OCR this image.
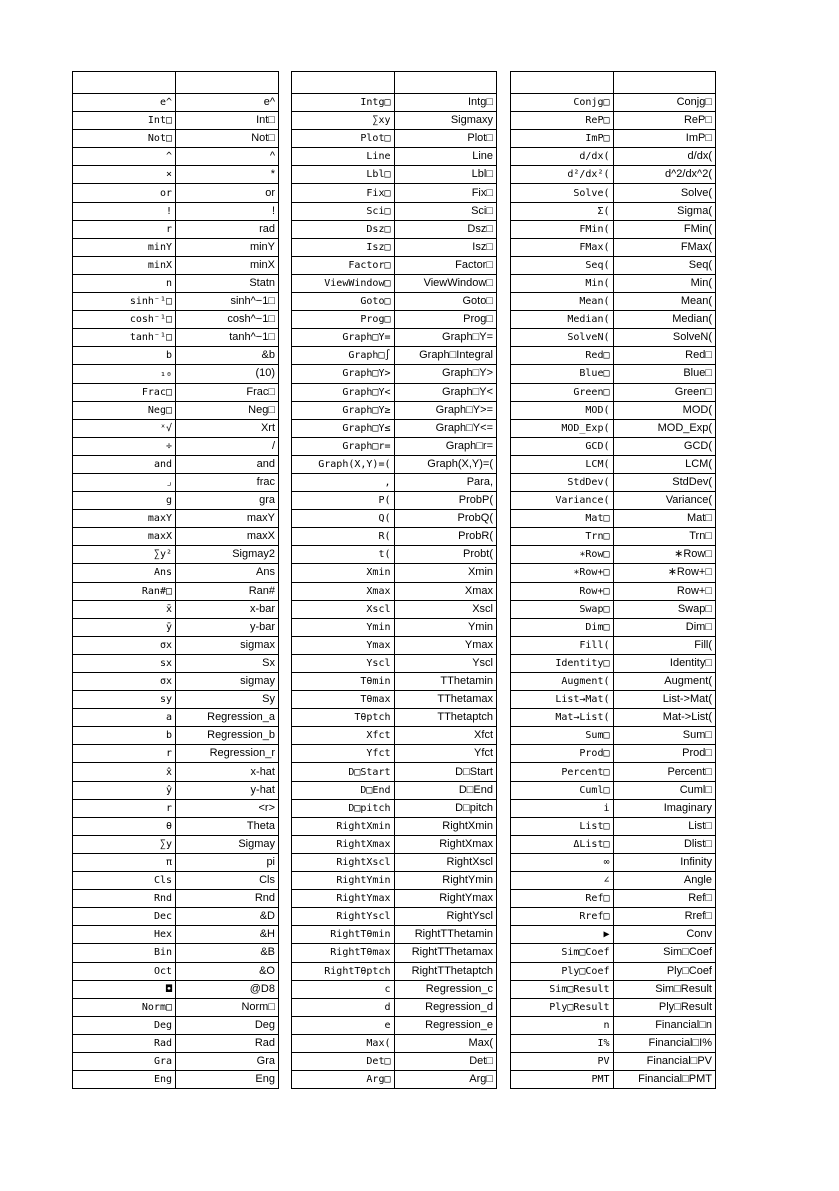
e^	e^
Int□	Int□
Not□	Not□
^	^
×	*
or	or
!	!
r	rad
minY	minY
minX	minX
n	Statn
sinh⁻¹□	sinh^−1□
cosh⁻¹□	cosh^−1□
tanh⁻¹□	tanh^−1□
b	&b
₁₀	(10)
Frac□	Frac□
Neg□	Neg□
ˣ√	Xrt
÷	/
and	and
⌟	frac
g	gra
maxY	maxY
maxX	maxX
∑y²	Sigmay2
Ans	Ans
Ran#□	Ran#
x̄	x-bar
ȳ	y-bar
σx	sigmax
sx	Sx
σx	sigmay
sy	Sy
a	Regression_a
b	Regression_b
r	Regression_r
x̂	x-hat
ŷ	y-hat
r	<r>
θ	Theta
∑y	Sigmay
π	pi
Cls	Cls
Rnd	Rnd
Dec	&D
Hex	&H
Bin	&B
Oct	&O
◘	@D8
Norm□	Norm□
Deg	Deg
Rad	Rad
Gra	Gra
Eng	Eng

Intg□	Intg□
∑xy	Sigmaxy
Plot□	Plot□
Line	Line
Lbl□	Lbl□
Fix□	Fix□
Sci□	Sci□
Dsz□	Dsz□
Isz□	Isz□
Factor□	Factor□
ViewWindow□	ViewWindow□
Goto□	Goto□
Prog□	Prog□
Graph□Y=	Graph□Y=
Graph□∫	Graph□Integral
Graph□Y>	Graph□Y>
Graph□Y<	Graph□Y<
Graph□Y≥	Graph□Y>=
Graph□Y≤	Graph□Y<=
Graph□r=	Graph□r=
Graph(X,Y)=(	Graph(X,Y)=(
,	Para,
P(	ProbP(
Q(	ProbQ(
R(	ProbR(
t(	Probt(
Xmin	Xmin
Xmax	Xmax
Xscl	Xscl
Ymin	Ymin
Ymax	Ymax
Yscl	Yscl
Tθmin	TThetamin
Tθmax	TThetamax
Tθptch	TThetaptch
Xfct	Xfct
Yfct	Yfct
D□Start	D□Start
D□End	D□End
D□pitch	D□pitch
RightXmin	RightXmin
RightXmax	RightXmax
RightXscl	RightXscl
RightYmin	RightYmin
RightYmax	RightYmax
RightYscl	RightYscl
RightTθmin	RightTThetamin
RightTθmax	RightTThetamax
RightTθptch	RightTThetaptch
c	Regression_c
d	Regression_d
e	Regression_e
Max(	Max(
Det□	Det□
Arg□	Arg□

Conjg□	Conjg□
ReP□	ReP□
ImP□	ImP□
d/dx(	d/dx(
d²/dx²(	d^2/dx^2(
Solve(	Solve(
Σ(	Sigma(
FMin(	FMin(
FMax(	FMax(
Seq(	Seq(
Min(	Min(
Mean(	Mean(
Median(	Median(
SolveN(	SolveN(
Red□	Red□
Blue□	Blue□
Green□	Green□
MOD(	MOD(
MOD_Exp(	MOD_Exp(
GCD(	GCD(
LCM(	LCM(
StdDev(	StdDev(
Variance(	Variance(
Mat□	Mat□
Trn□	Trn□
∗Row□	∗Row□
∗Row+□	∗Row+□
Row+□	Row+□
Swap□	Swap□
Dim□	Dim□
Fill(	Fill(
Identity□	Identity□
Augment(	Augment(
List→Mat(	List->Mat(
Mat→List(	Mat->List(
Sum□	Sum□
Prod□	Prod□
Percent□	Percent□
Cuml□	Cuml□
i	Imaginary
List□	List□
ΔList□	Dlist□
∞	Infinity
∠	Angle
Ref□	Ref□
Rref□	Rref□
▶	Conv
Sim□Coef	Sim□Coef
Ply□Coef	Ply□Coef
Sim□Result	Sim□Result
Ply□Result	Ply□Result
n	Financial□n
I%	Financial□I%
PV	Financial□PV
PMT	Financial□PMT
